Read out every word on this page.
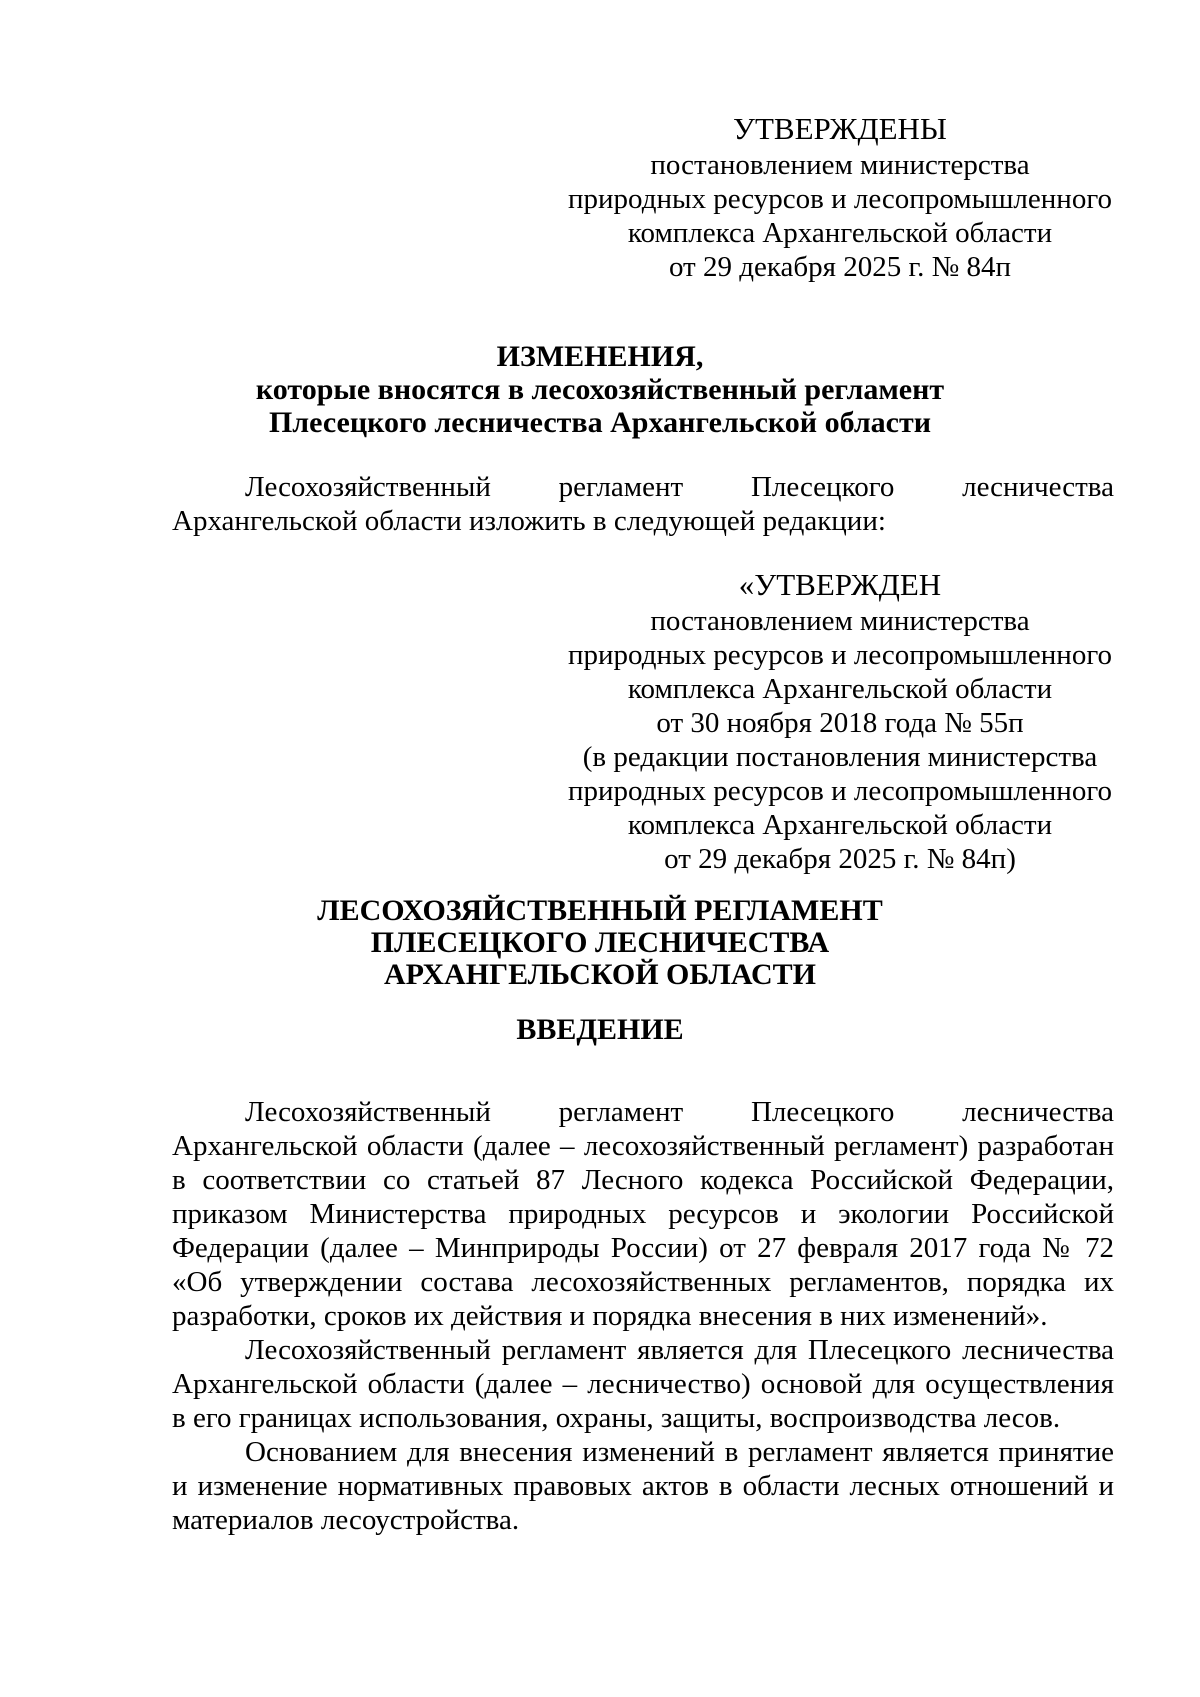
УТВЕРЖДЕНЫ
постановлением министерства
природных ресурсов и лесопромышленного
комплекса Архангельской области
от 29 декабря 2025 г. № 84п
ИЗМЕНЕНИЯ,
которые вносятся в лесохозяйственный регламент
Плесецкого лесничества Архангельской области
Лесохозяйственный регламент Плесецкого лесничества Архангельской области изложить в следующей редакции:
«УТВЕРЖДЕН
постановлением министерства
природных ресурсов и лесопромышленного
комплекса Архангельской области
от 30 ноября 2018 года № 55п
(в редакции постановления министерства
природных ресурсов и лесопромышленного
комплекса Архангельской области
от 29 декабря 2025 г. № 84п)
ЛЕСОХОЗЯЙСТВЕННЫЙ РЕГЛАМЕНТ
ПЛЕСЕЦКОГО ЛЕСНИЧЕСТВА
АРХАНГЕЛЬСКОЙ ОБЛАСТИ
ВВЕДЕНИЕ

Лесохозяйственный регламент Плесецкого лесничества Архангельской области (далее – лесохозяйственный регламент) разработан в соответствии со статьей 87 Лесного кодекса Российской Федерации, приказом Министерства природных ресурсов и экологии Российской Федерации (далее – Минприроды России) от 27 февраля 2017 года № 72 «Об утверждении состава лесохозяйственных регламентов, порядка их разработки, сроков их действия и порядка внесения в них изменений».

Лесохозяйственный регламент является для Плесецкого лесничества Архангельской области (далее – лесничество) основой для осуществления в его границах использования, охраны, защиты, воспроизводства лесов.

Основанием для внесения изменений в регламент является принятие и изменение нормативных правовых актов в области лесных отношений и материалов лесоустройства.
